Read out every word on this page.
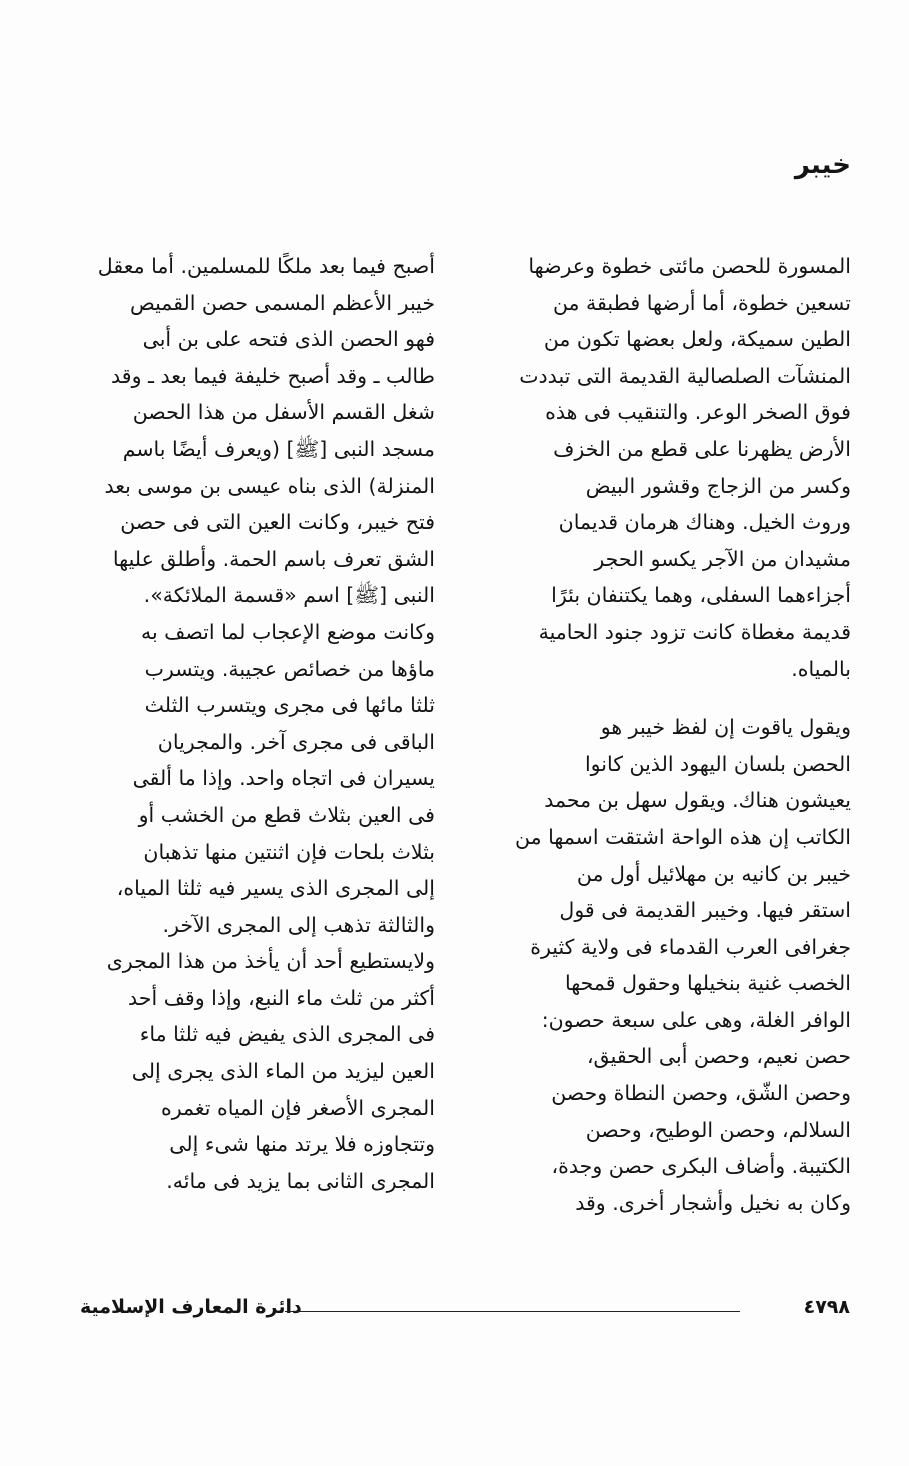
خيبر

المسورة للحصن مائتى خطوة وعرضها
تسعين خطوة، أما أرضها فطبقة من
الطين سميكة، ولعل بعضها تكون من
المنشآت الصلصالية القديمة التى تبددت
فوق الصخر الوعر. والتنقيب فى هذه
الأرض يظهرنا على قطع من الخزف
وكسر من الزجاج وقشور البيض
وروث الخيل. وهناك هرمان قديمان
مشيدان من الآجر يكسو الحجر
أجزاءهما السفلى، وهما يكتنفان بئرًا
قديمة مغطاة كانت تزود جنود الحامية
بالمياه.

ويقول ياقوت إن لفظ خيبر هو
الحصن بلسان اليهود الذين كانوا
يعيشون هناك. ويقول سهل بن محمد
الكاتب إن هذه الواحة اشتقت اسمها من
خيبر بن كانيه بن مهلائيل أول من
استقر فيها. وخيبر القديمة فى قول
جغرافى العرب القدماء فى ولاية كثيرة
الخصب غنية بنخيلها وحقول قمحها
الوافر الغلة، وهى على سبعة حصون:
حصن نعيم، وحصن أبى الحقيق،
وحصن الشّق، وحصن النطاة وحصن
السلالم، وحصن الوطيح، وحصن
الكتيبة. وأضاف البكرى حصن وجدة،
وكان به نخيل وأشجار أخرى. وقد

أصبح فيما بعد ملكًا للمسلمين. أما معقل
خيبر الأعظم المسمى حصن القميص
فهو الحصن الذى فتحه على بن أبى
طالب ـ وقد أصبح خليفة فيما بعد ـ وقد
شغل القسم الأسفل من هذا الحصن
مسجد النبى [ﷺ] (ويعرف أيضًا باسم
المنزلة) الذى بناه عيسى بن موسى بعد
فتح خيبر، وكانت العين التى فى حصن
الشق تعرف باسم الحمة. وأطلق عليها
النبى [ﷺ] اسم «قسمة الملائكة».
وكانت موضع الإعجاب لما اتصف به
ماؤها من خصائص عجيبة. ويتسرب
ثلثا مائها فى مجرى ويتسرب الثلث
الباقى فى مجرى آخر. والمجريان
يسيران فى اتجاه واحد. وإذا ما ألقى
فى العين بثلاث قطع من الخشب أو
بثلاث بلحات فإن اثنتين منها تذهبان
إلى المجرى الذى يسير فيه ثلثا المياه،
والثالثة تذهب إلى المجرى الآخر.
ولايستطيع أحد أن يأخذ من هذا المجرى
أكثر من ثلث ماء النبع، وإذا وقف أحد
فى المجرى الذى يفيض فيه ثلثا ماء
العين ليزيد من الماء الذى يجرى إلى
المجرى الأصغر فإن المياه تغمره
وتتجاوزه فلا يرتد منها شىء إلى
المجرى الثانى بما يزيد فى مائه.

دائرة المعارف الإسلامية	٤٧٩٨
